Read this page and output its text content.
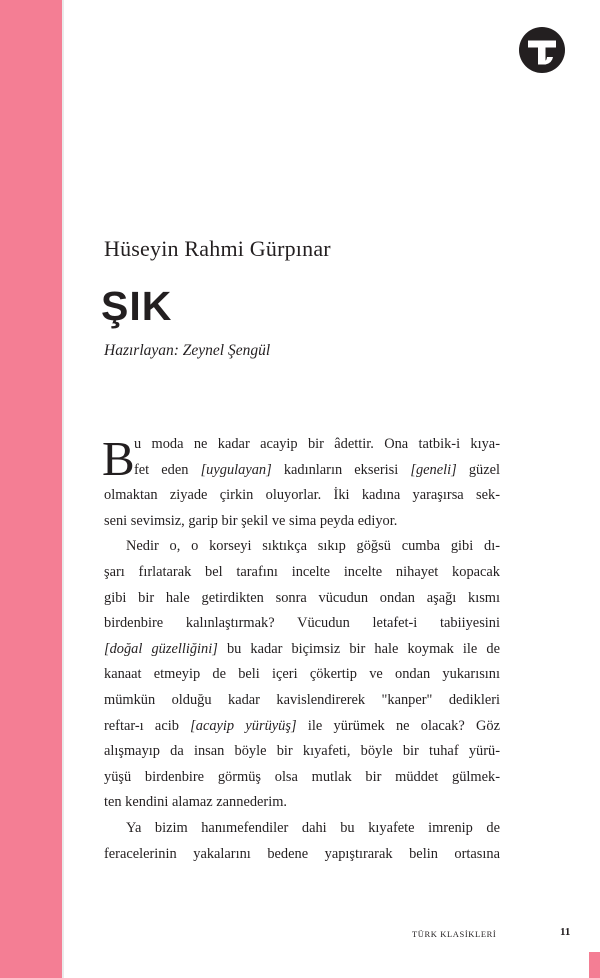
Hüseyin Rahmi Gürpınar
ŞIK
Hazırlayan: Zeynel Şengül
B u moda ne kadar acayip bir âdettir. Ona tatbik-i kıya-
fet eden [uygulayan] kadınların ekserisi [geneli] güzel
olmaktan ziyade çirkin oluyorlar. İki kadına yaraşırsa sek-
seni sevimsiz, garip bir şekil ve sima peyda ediyor.
Nedir o, o korseyi sıktıkça sıkıp göğsü cumba gibi dı-
şarı fırlatarak bel tarafını incelte incelte nihayet kopacak
gibi bir hale getirdikten sonra vücudun ondan aşağı kısmı
birdenbire kalınlaştırmak? Vücudun letafet-i tabiiyesini
[doğal güzelliğini] bu kadar biçimsiz bir hale koymak ile de
kanaat etmeyip de beli içeri çökertip ve ondan yukarısını
mümkün olduğu kadar kavislendirerek "kanper" dedikleri
reftar-ı acib [acayip yürüyüş] ile yürümek ne olacak? Göz
alışmayıp da insan böyle bir kıyafeti, böyle bir tuhaf yürü-
yüşü birdenbire görmüş olsa mutlak bir müddet gülmek-
ten kendini alamaz zannederim.
Ya bizim hanımefendiler dahi bu kıyafete imrenip de
feracelerinin yakalarını bedene yapıştırarak belin ortasına
TÜRK KLASİKLERİ	11
